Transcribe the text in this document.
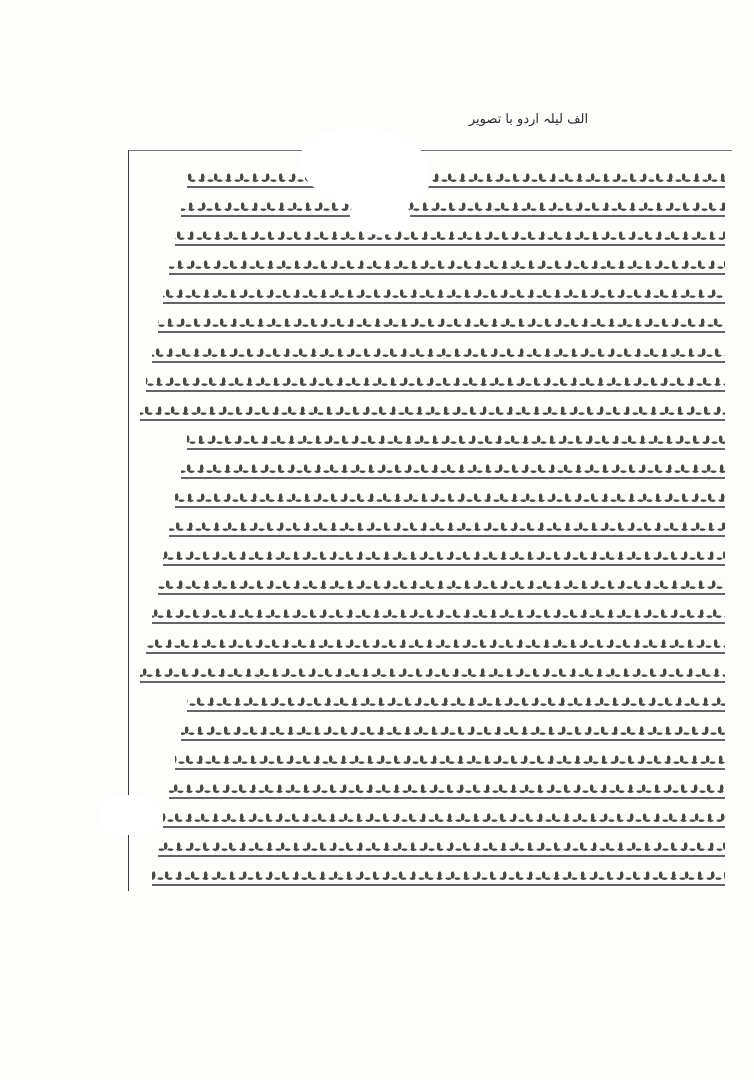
الف لیلہ اردو با تصویر
